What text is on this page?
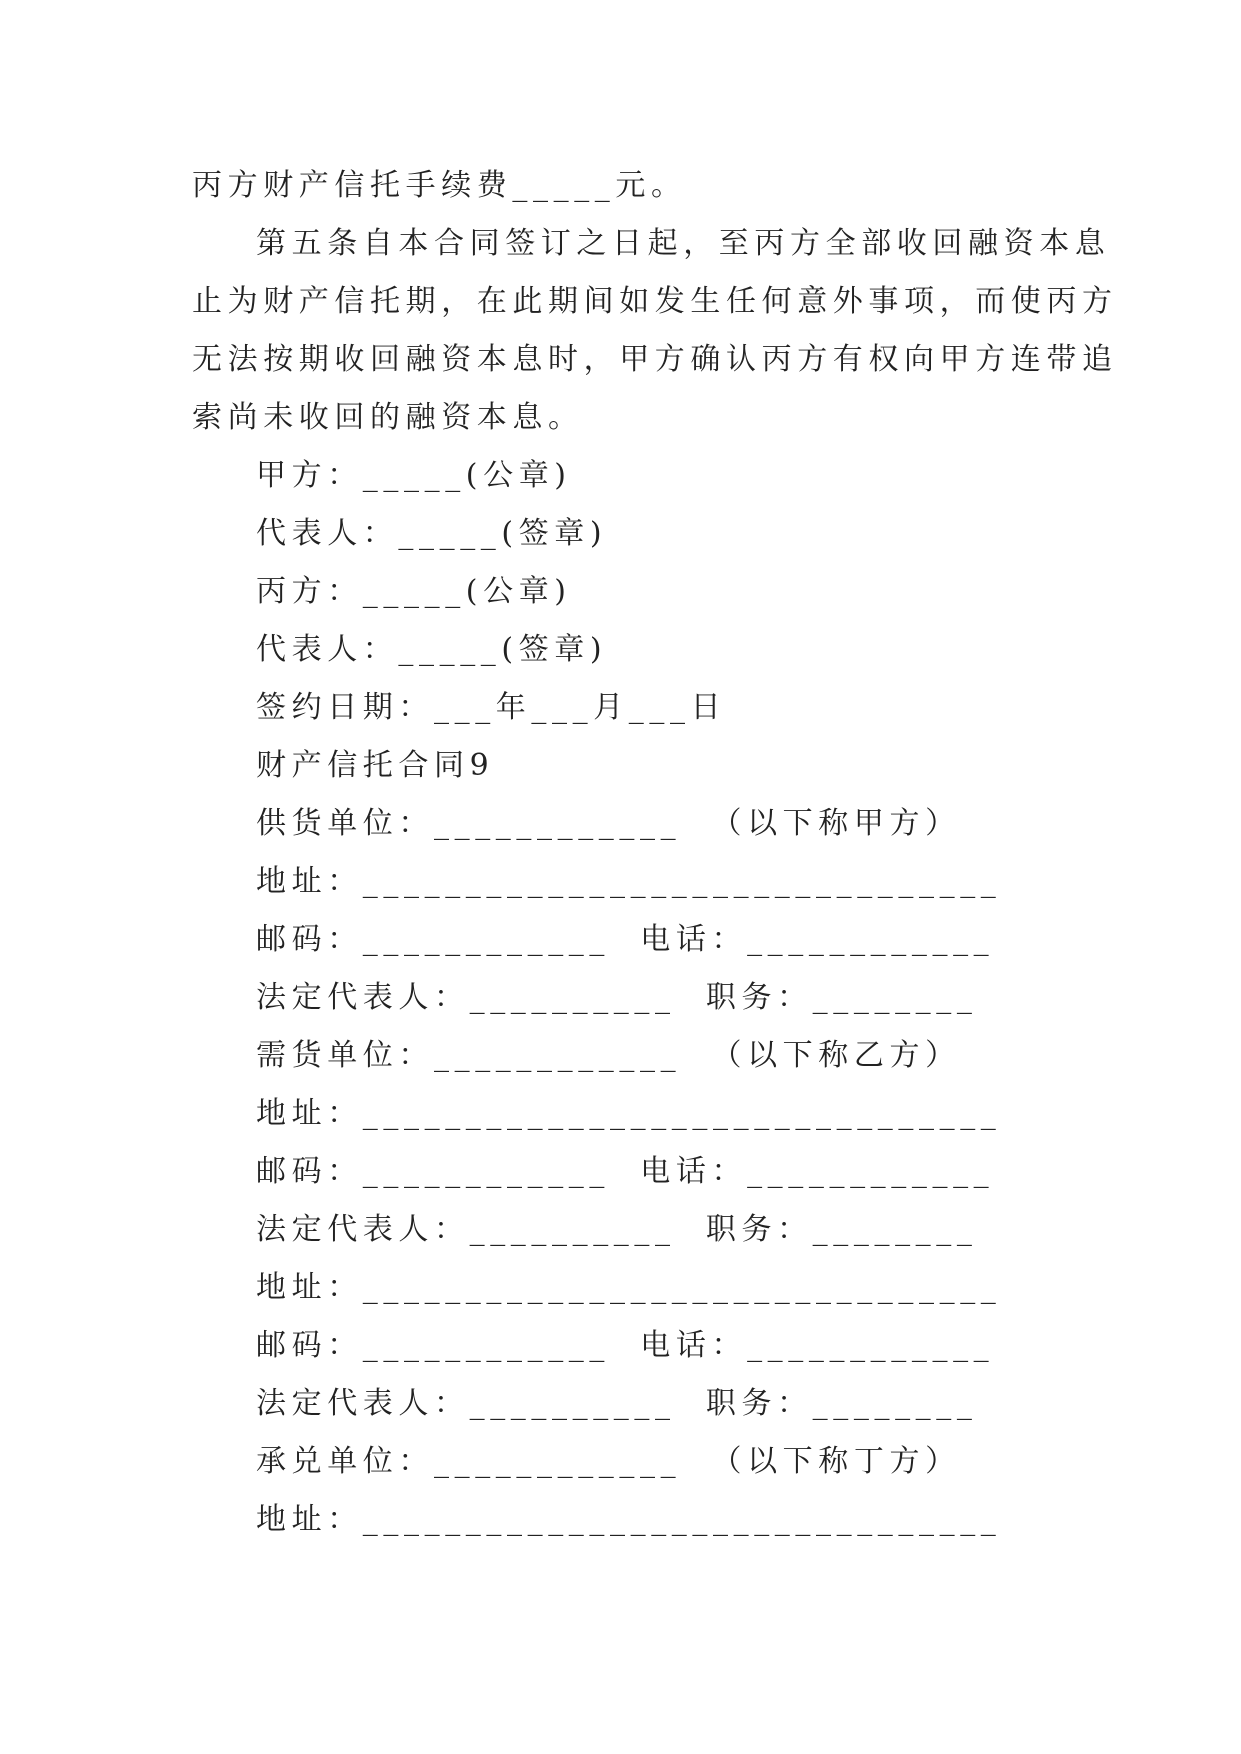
丙方财产信托手续费_____元。
第五条自本合同签订之日起，至丙方全部收回融资本息
止为财产信托期，在此期间如发生任何意外事项，而使丙方
无法按期收回融资本息时，甲方确认丙方有权向甲方连带追
索尚未收回的融资本息。
甲方：_____(公章)
代表人：_____(签章)
丙方：_____(公章)
代表人：_____(签章)
签约日期：___年___月___日
财产信托合同9
供货单位：____________  （以下称甲方）
地址：_______________________________
邮码：____________  电话：____________
法定代表人：__________  职务：________
需货单位：____________  （以下称乙方）
地址：_______________________________
邮码：____________  电话：____________
法定代表人：__________  职务：________
地址：_______________________________
邮码：____________  电话：____________
法定代表人：__________  职务：________
承兑单位：____________  （以下称丁方）
地址：_______________________________
